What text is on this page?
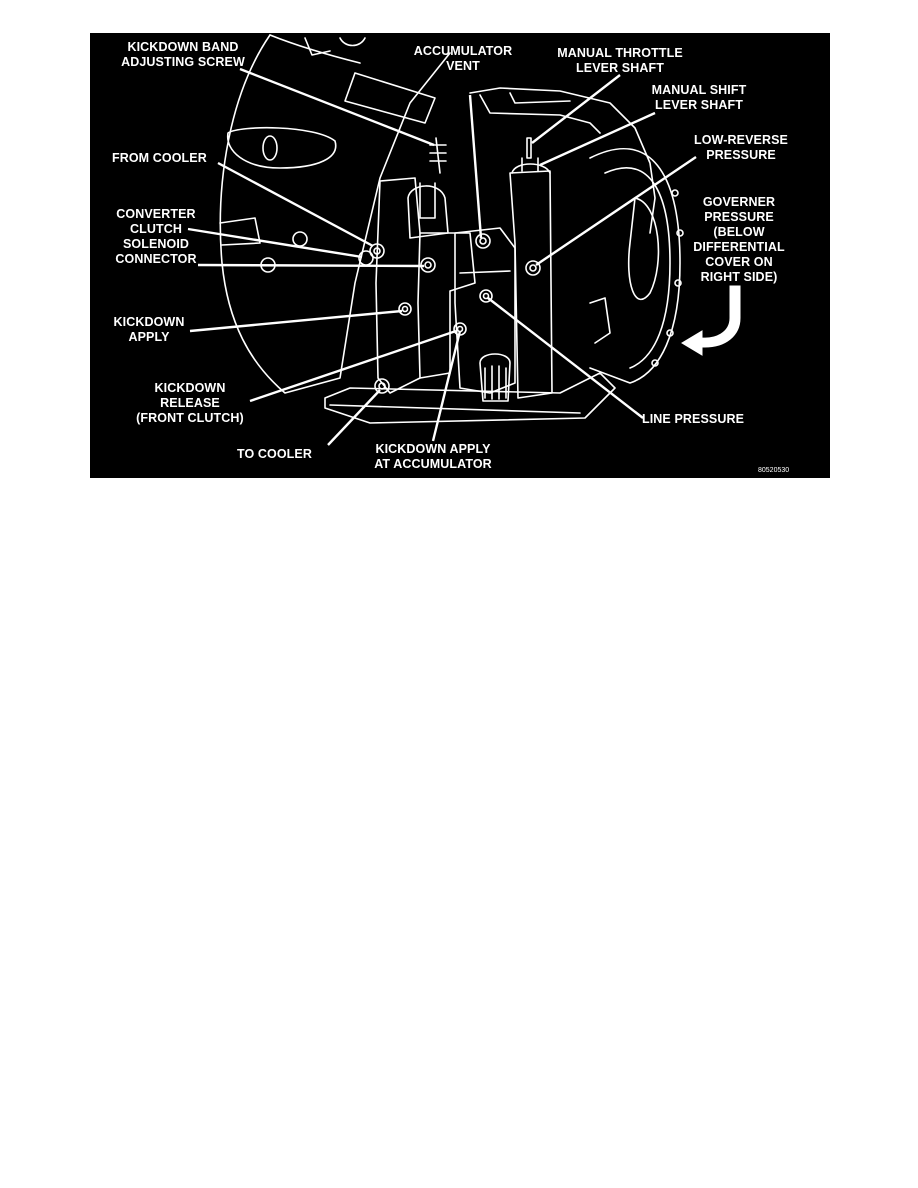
KICKDOWN BAND
ADJUSTING SCREW
ACCUMULATOR
VENT
MANUAL THROTTLE
LEVER SHAFT
MANUAL SHIFT
LEVER SHAFT
FROM COOLER
LOW-REVERSE
PRESSURE
CONVERTER
CLUTCH
SOLENOID
CONNECTOR
GOVERNER
PRESSURE
(BELOW
DIFFERENTIAL
COVER ON
RIGHT SIDE)
KICKDOWN
APPLY
KICKDOWN
RELEASE
(FRONT CLUTCH)	LINE PRESSURE
TO COOLER	KICKDOWN APPLY
AT ACCUMULATOR	80520530
